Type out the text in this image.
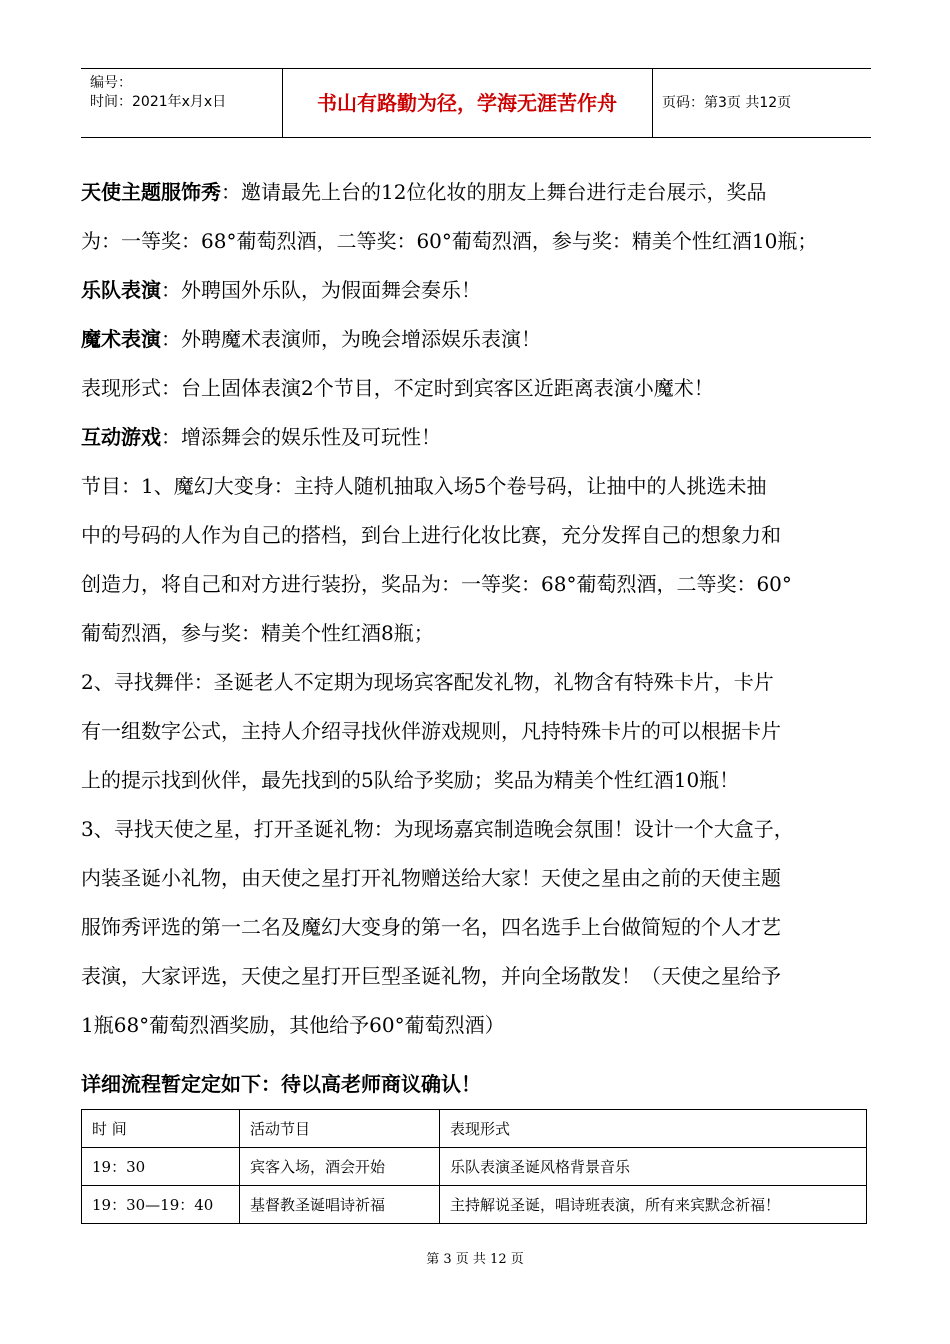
编号：
时间：2021年x月x日	书山有路勤为径，学海无涯苦作舟	页码：第3页 共12页

天使主题服饰秀：邀请最先上台的12位化妆的朋友上舞台进行走台展示，奖品

为：一等奖：68°葡萄烈酒，二等奖：60°葡萄烈酒，参与奖：精美个性红酒10瓶；

乐队表演：外聘国外乐队，为假面舞会奏乐！

魔术表演：外聘魔术表演师，为晚会增添娱乐表演！

表现形式：台上固体表演2个节目，不定时到宾客区近距离表演小魔术！

互动游戏：增添舞会的娱乐性及可玩性！

节目：1、魔幻大变身：主持人随机抽取入场5个卷号码，让抽中的人挑选未抽

中的号码的人作为自己的搭档，到台上进行化妆比赛，充分发挥自己的想象力和

创造力，将自己和对方进行装扮，奖品为：一等奖：68°葡萄烈酒，二等奖：60°

葡萄烈酒，参与奖：精美个性红酒8瓶；

2、寻找舞伴：圣诞老人不定期为现场宾客配发礼物，礼物含有特殊卡片，卡片

有一组数字公式，主持人介绍寻找伙伴游戏规则，凡持特殊卡片的可以根据卡片

上的提示找到伙伴，最先找到的5队给予奖励；奖品为精美个性红酒10瓶！

3、寻找天使之星，打开圣诞礼物：为现场嘉宾制造晚会氛围！设计一个大盒子，

内装圣诞小礼物，由天使之星打开礼物赠送给大家！天使之星由之前的天使主题

服饰秀评选的第一二名及魔幻大变身的第一名，四名选手上台做简短的个人才艺

表演，大家评选，天使之星打开巨型圣诞礼物，并向全场散发！（天使之星给予

1瓶68°葡萄烈酒奖励，其他给予60°葡萄烈酒）

详细流程暂定定如下：待以高老师商议确认！
时 间	活动节目	表现形式
19：30	宾客入场，酒会开始	乐队表演圣诞风格背景音乐
19：30—19：40	基督教圣诞唱诗祈福	主持解说圣诞，唱诗班表演，所有来宾默念祈福！
第 3 页 共 12 页
